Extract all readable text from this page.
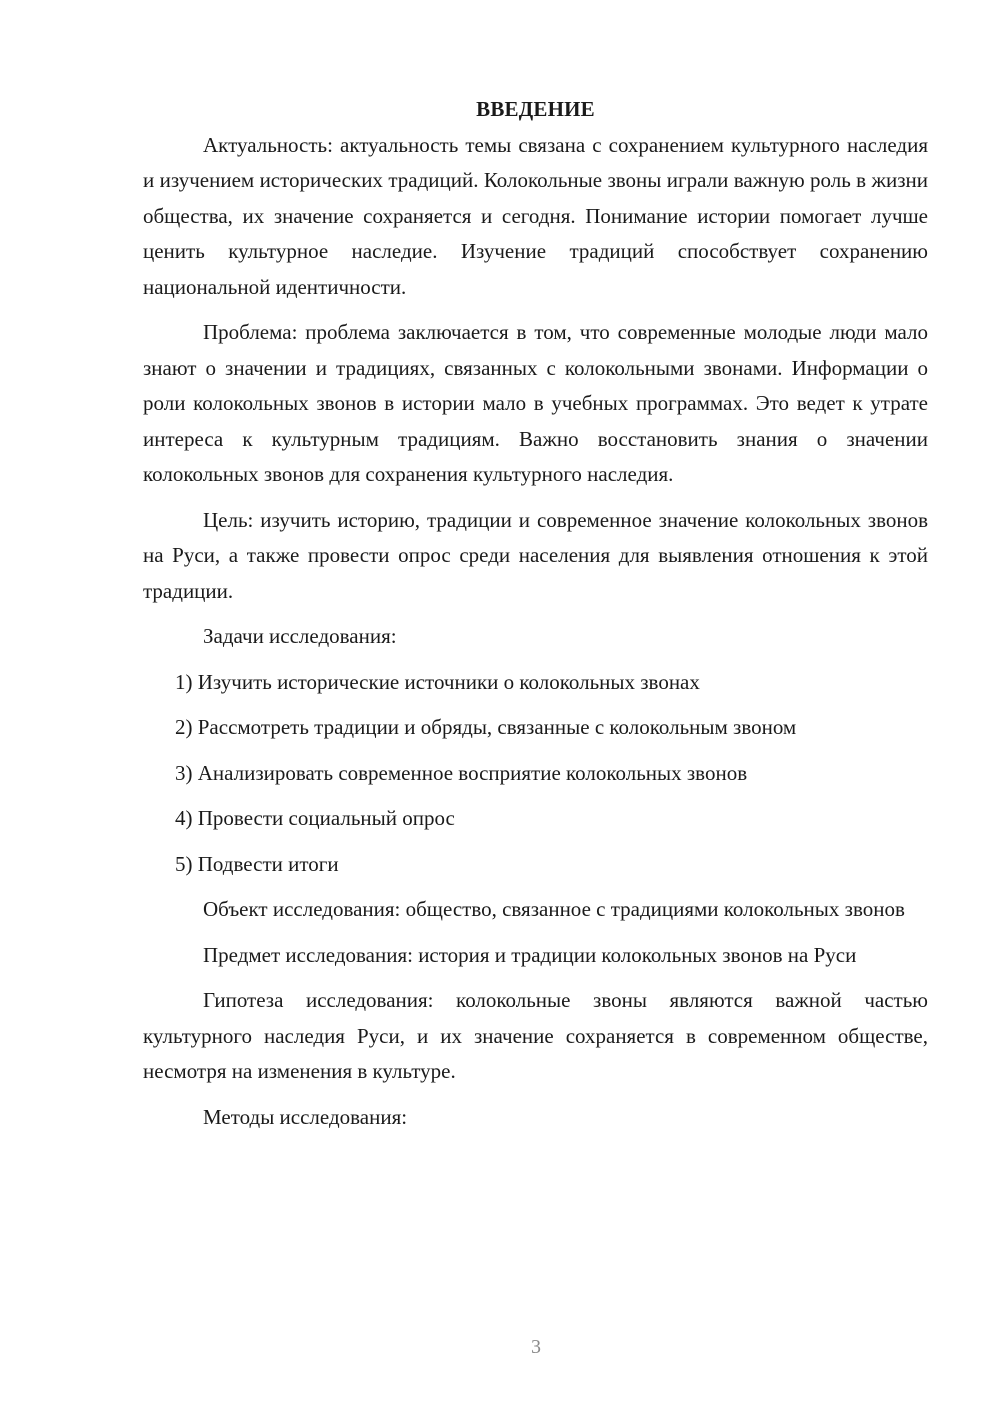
ВВЕДЕНИЕ

Актуальность: актуальность темы связана с сохранением культурного наследия и изучением исторических традиций. Колокольные звоны играли важную роль в жизни общества, их значение сохраняется и сегодня. Понимание истории помогает лучше ценить культурное наследие. Изучение традиций способствует сохранению национальной идентичности.

Проблема: проблема заключается в том, что современные молодые люди мало знают о значении и традициях, связанных с колокольными звонами. Информации о роли колокольных звонов в истории мало в учебных программах. Это ведет к утрате интереса к культурным традициям. Важно восстановить знания о значении колокольных звонов для сохранения культурного наследия.

Цель: изучить историю, традиции и современное значение колокольных звонов на Руси, а также провести опрос среди населения для выявления отношения к этой традиции.

Задачи исследования:

1) Изучить исторические источники о колокольных звонах
2) Рассмотреть традиции и обряды, связанные с колокольным звоном
3) Анализировать современное восприятие колокольных звонов
4) Провести социальный опрос
5) Подвести итоги

Объект исследования: общество, связанное с традициями колокольных звонов

Предмет исследования: история и традиции колокольных звонов на Руси

Гипотеза исследования: колокольные звоны являются важной частью культурного наследия Руси, и их значение сохраняется в современном обществе, несмотря на изменения в культуре.

Методы исследования:

3
